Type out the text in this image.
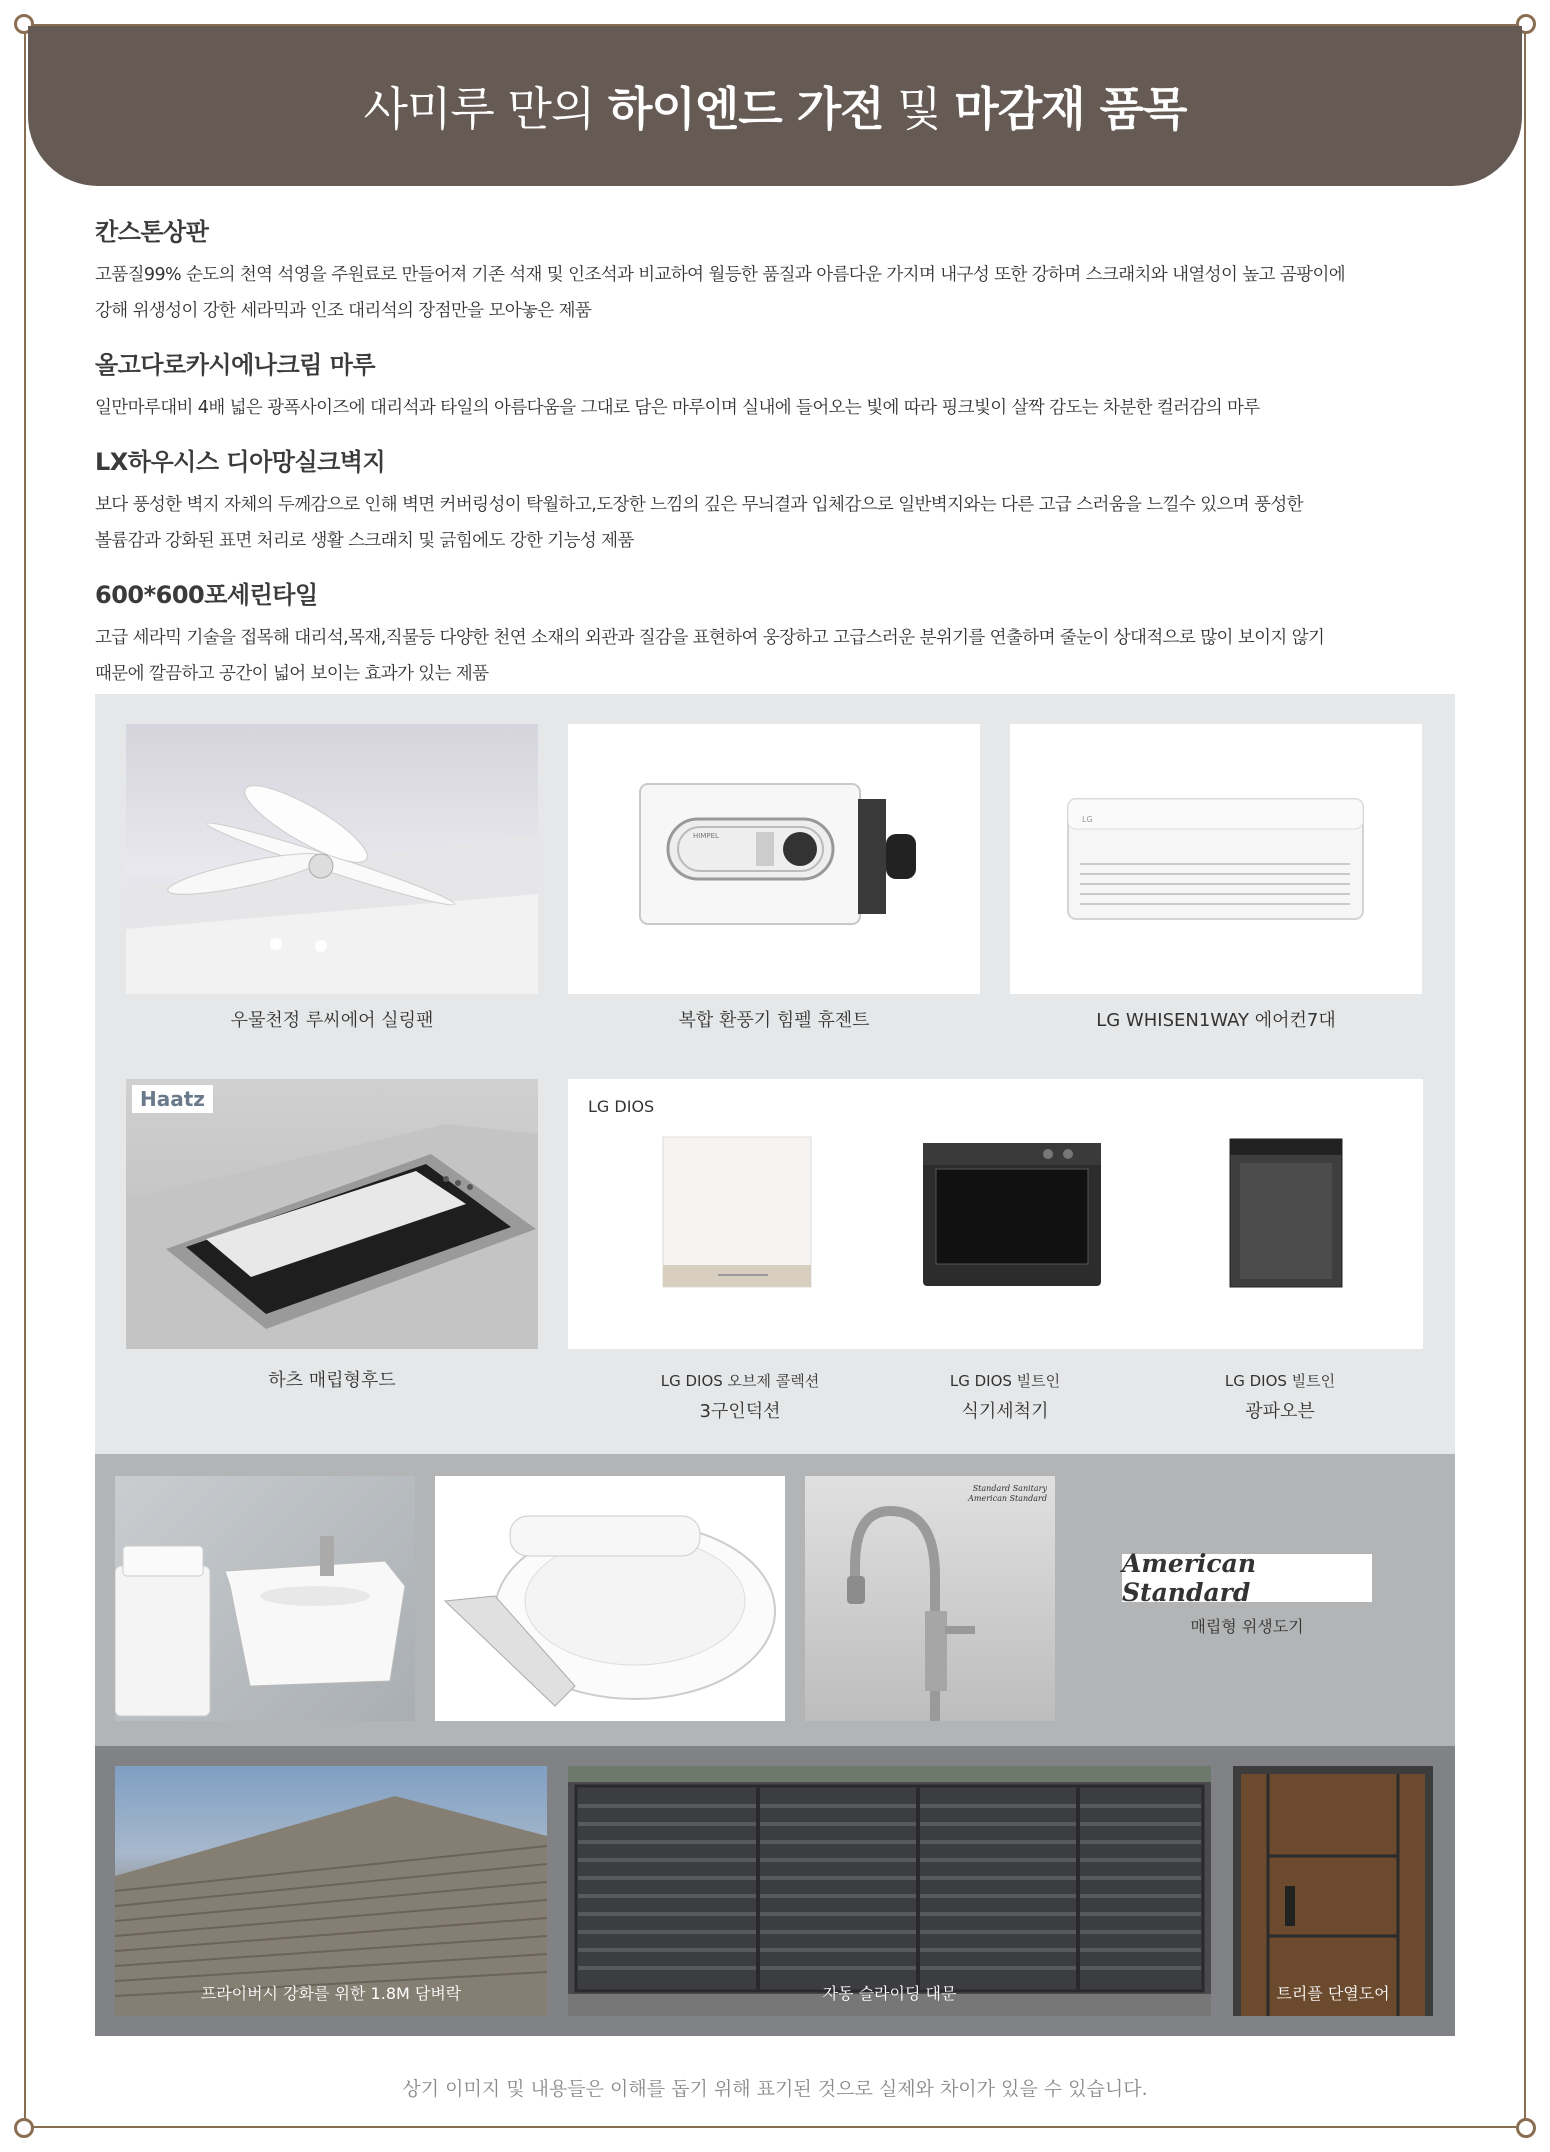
사미루 만의 하이엔드 가전 및 마감재 품목
칸스톤상판

고품질99% 순도의 천역 석영을 주원료로 만들어져 기존 석재 및 인조석과 비교하여 월등한 품질과 아름다운 가지며 내구성 또한 강하며 스크래치와 내열성이 높고 곰팡이에

강해 위생성이 강한 세라믹과 인조 대리석의 장점만을 모아놓은 제품

올고다로카시에나크림 마루

일만마루대비 4배 넓은 광폭사이즈에 대리석과 타일의 아름다움을 그대로 담은 마루이며 실내에 들어오는 빛에 따라 핑크빛이 살짝 감도는 차분한 컬러감의 마루

LX하우시스 디아망실크벽지

보다 풍성한 벽지 자체의 두께감으로 인해 벽면 커버링성이 탁월하고,도장한 느낌의 깊은 무늬결과 입체감으로 일반벽지와는 다른 고급 스러움을 느낄수 있으며 풍성한

볼륨감과 강화된 표면 처리로 생활 스크래치 및 긁힘에도 강한 기능성 제품

600*600포세린타일

고급 세라믹 기술을 접목해 대리석,목재,직물등 다양한 천연 소재의 외관과 질감을 표현하여 웅장하고 고급스러운 분위기를 연출하며 줄눈이 상대적으로 많이 보이지 않기

때문에 깔끔하고 공간이 넓어 보이는 효과가 있는 제품

우물천정 루씨에어 실링팬
HIMPEL
복합 환풍기 힘펠 휴젠트
LG
LG WHISEN1WAY 에어컨7대
Haatz
하츠 매립형후드
LG DIOS
LG DIOS 오브제 콜렉션
3구인덕션
LG DIOS 빌트인
식기세척기
LG DIOS 빌트인
광파오븐
Standard Sanitary
American Standard
American Standard
매립형 위생도기
프라이버시 강화를 위한 1.8M 담벼락	자동 슬라이딩 대문	트리플 단열도어
상기 이미지 및 내용들은 이해를 돕기 위해 표기된 것으로 실제와 차이가 있을 수 있습니다.
